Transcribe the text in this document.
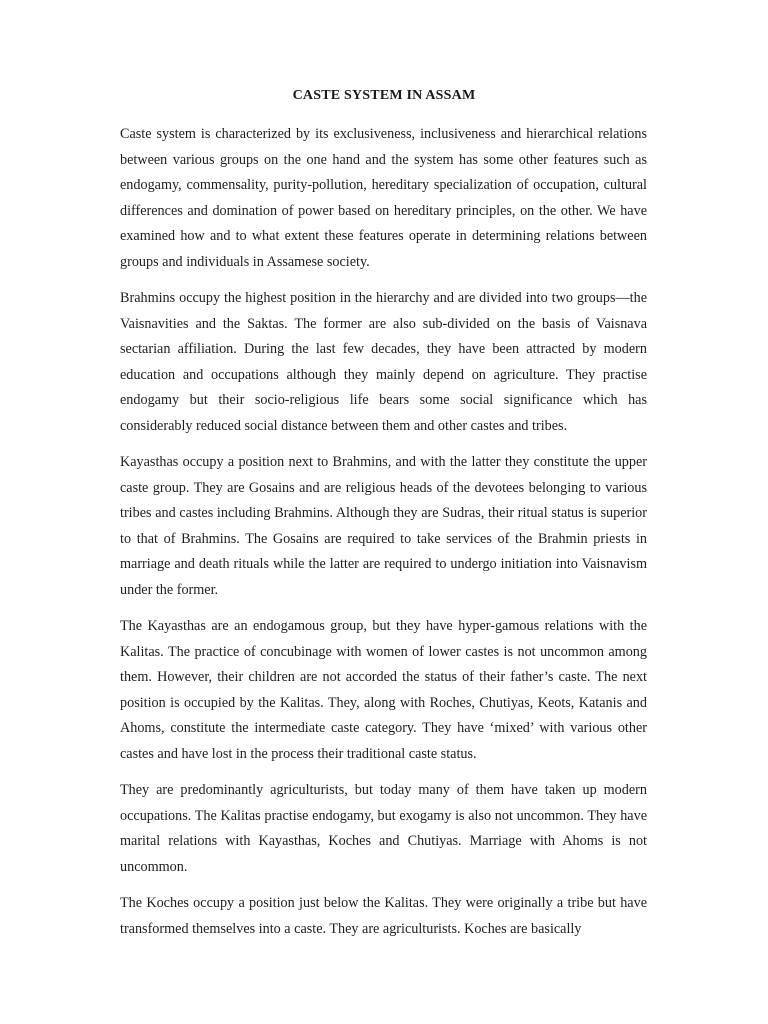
CASTE SYSTEM IN ASSAM

Caste system is characterized by its exclusiveness, inclusiveness and hierarchical relations between various groups on the one hand and the system has some other features such as endogamy, commensality, purity-pollution, hereditary specialization of occupation, cultural differences and domination of power based on hereditary principles, on the other. We have examined how and to what extent these features operate in determining relations between groups and individuals in Assamese society.

Brahmins occupy the highest position in the hierarchy and are divided into two groups—the Vaisnavities and the Saktas. The former are also sub-divided on the basis of Vaisnava sectarian affiliation. During the last few decades, they have been attracted by modern education and occupations although they mainly depend on agriculture. They practise endogamy but their socio-religious life bears some social significance which has considerably reduced social distance between them and other castes and tribes.

Kayasthas occupy a position next to Brahmins, and with the latter they constitute the upper caste group. They are Gosains and are religious heads of the devotees belonging to various tribes and castes including Brahmins. Although they are Sudras, their ritual status is superior to that of Brahmins. The Gosains are required to take services of the Brahmin priests in marriage and death rituals while the latter are required to undergo initiation into Vaisnavism under the former.

The Kayasthas are an endogamous group, but they have hyper-gamous relations with the Kalitas. The practice of concubinage with women of lower castes is not uncommon among them. However, their children are not accorded the status of their father’s caste. The next position is occupied by the Kalitas. They, along with Roches, Chutiyas, Keots, Katanis and Ahoms, constitute the intermediate caste category. They have ‘mixed’ with various other castes and have lost in the process their traditional caste status.

They are predominantly agriculturists, but today many of them have taken up modern occupations. The Kalitas practise endogamy, but exogamy is also not uncommon. They have marital relations with Kayasthas, Koches and Chutiyas. Marriage with Ahoms is not uncommon.

The Koches occupy a position just below the Kalitas. They were originally a tribe but have transformed themselves into a caste. They are agriculturists. Koches are basically
